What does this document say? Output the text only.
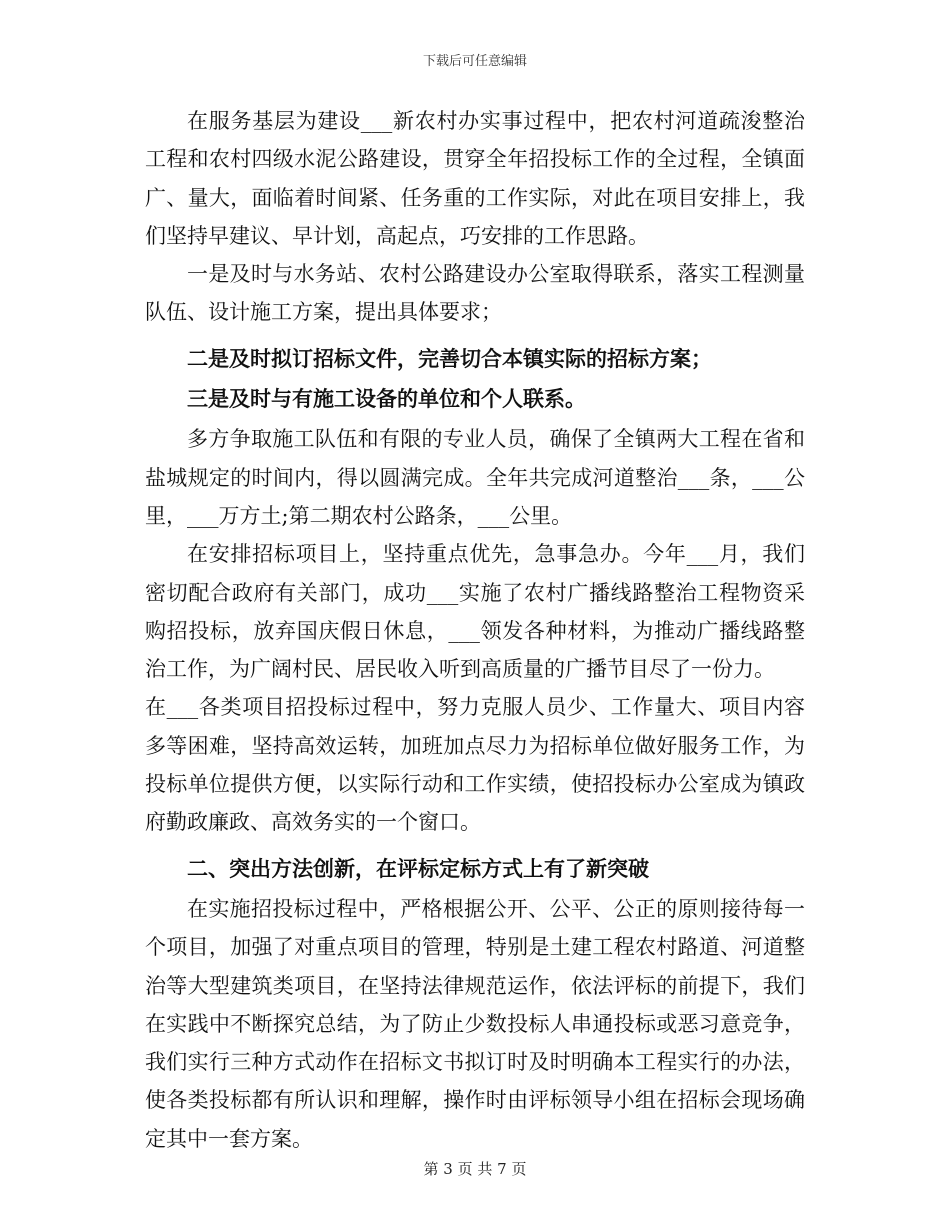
下载后可任意编辑

在服务基层为建设___新农村办实事过程中，把农村河道疏浚整治工程和农村四级水泥公路建设，贯穿全年招投标工作的全过程，全镇面广、量大，面临着时间紧、任务重的工作实际，对此在项目安排上，我们坚持早建议、早计划，高起点，巧安排的工作思路。

一是及时与水务站、农村公路建设办公室取得联系，落实工程测量队伍、设计施工方案，提出具体要求；

二是及时拟订招标文件，完善切合本镇实际的招标方案；

三是及时与有施工设备的单位和个人联系。

多方争取施工队伍和有限的专业人员，确保了全镇两大工程在省和盐城规定的时间内，得以圆满完成。全年共完成河道整治___条，___公里，___万方土;第二期农村公路条，___公里。

在安排招标项目上，坚持重点优先，急事急办。今年___月，我们密切配合政府有关部门，成功___实施了农村广播线路整治工程物资采购招投标，放弃国庆假日休息，___领发各种材料，为推动广播线路整治工作，为广阔村民、居民收入听到高质量的广播节目尽了一份力。

在___各类项目招投标过程中，努力克服人员少、工作量大、项目内容多等困难，坚持高效运转，加班加点尽力为招标单位做好服务工作，为投标单位提供方便，以实际行动和工作实绩，使招投标办公室成为镇政府勤政廉政、高效务实的一个窗口。

二、突出方法创新，在评标定标方式上有了新突破

在实施招投标过程中，严格根据公开、公平、公正的原则接待每一个项目，加强了对重点项目的管理，特别是土建工程农村路道、河道整治等大型建筑类项目，在坚持法律规范运作，依法评标的前提下，我们在实践中不断探究总结，为了防止少数投标人串通投标或恶习意竞争，我们实行三种方式动作在招标文书拟订时及时明确本工程实行的办法，使各类投标都有所认识和理解，操作时由评标领导小组在招标会现场确定其中一套方案。

第 3 页 共 7 页
